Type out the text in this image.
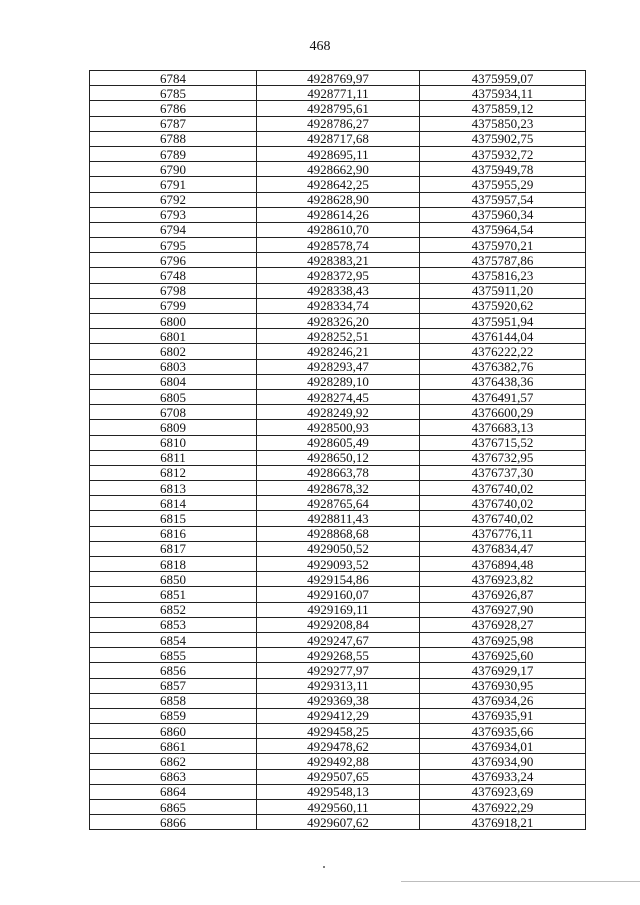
468
6784	4928769,97	4375959,07
6785	4928771,11	4375934,11
6786	4928795,61	4375859,12
6787	4928786,27	4375850,23
6788	4928717,68	4375902,75
6789	4928695,11	4375932,72
6790	4928662,90	4375949,78
6791	4928642,25	4375955,29
6792	4928628,90	4375957,54
6793	4928614,26	4375960,34
6794	4928610,70	4375964,54
6795	4928578,74	4375970,21
6796	4928383,21	4375787,86
6748	4928372,95	4375816,23
6798	4928338,43	4375911,20
6799	4928334,74	4375920,62
6800	4928326,20	4375951,94
6801	4928252,51	4376144,04
6802	4928246,21	4376222,22
6803	4928293,47	4376382,76
6804	4928289,10	4376438,36
6805	4928274,45	4376491,57
6708	4928249,92	4376600,29
6809	4928500,93	4376683,13
6810	4928605,49	4376715,52
6811	4928650,12	4376732,95
6812	4928663,78	4376737,30
6813	4928678,32	4376740,02
6814	4928765,64	4376740,02
6815	4928811,43	4376740,02
6816	4928868,68	4376776,11
6817	4929050,52	4376834,47
6818	4929093,52	4376894,48
6850	4929154,86	4376923,82
6851	4929160,07	4376926,87
6852	4929169,11	4376927,90
6853	4929208,84	4376928,27
6854	4929247,67	4376925,98
6855	4929268,55	4376925,60
6856	4929277,97	4376929,17
6857	4929313,11	4376930,95
6858	4929369,38	4376934,26
6859	4929412,29	4376935,91
6860	4929458,25	4376935,66
6861	4929478,62	4376934,01
6862	4929492,88	4376934,90
6863	4929507,65	4376933,24
6864	4929548,13	4376923,69
6865	4929560,11	4376922,29
6866	4929607,62	4376918,21
